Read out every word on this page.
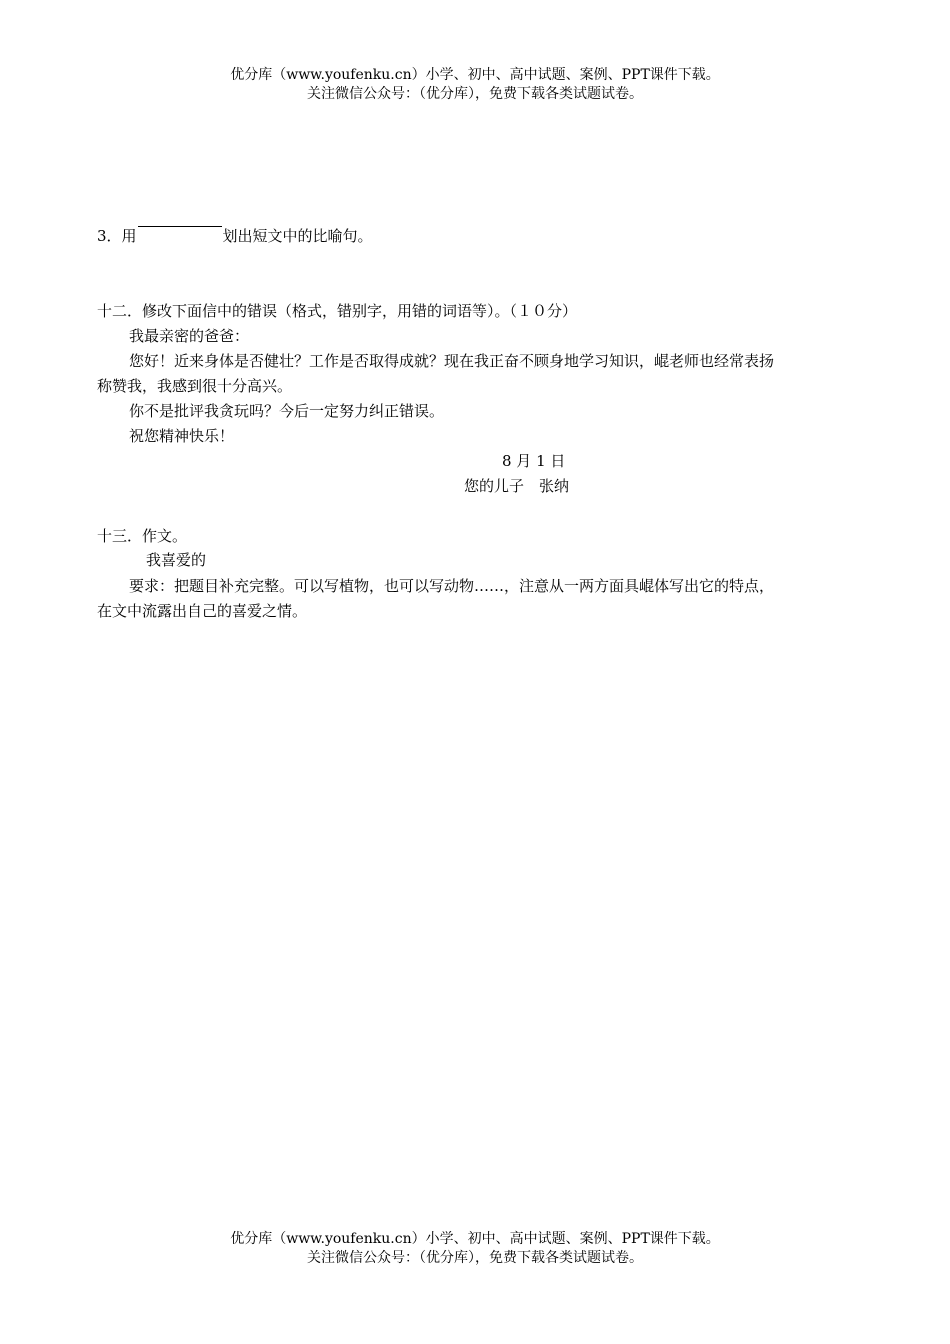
优分库（www.youfenku.cn）小学、初中、高中试题、案例、PPT课件下载。
关注微信公众号：（优分库），免费下载各类试题试卷。
3．用	划出短文中的比喻句。
十二．修改下面信中的错误（格式，错别字，用错的词语等）。（１０分）
我最亲密的爸爸：
您好！近来身体是否健壮？工作是否取得成就？现在我正奋不顾身地学习知识，崐老师也经常表扬
称赞我，我感到很十分高兴。
你不是批评我贪玩吗？今后一定努力纠正错误。
祝您精神快乐！
8 月 1 日
您的儿子　张纳
十三．作文。
我喜爱的
要求：把题目补充完整。可以写植物，也可以写动物……，注意从一两方面具崐体写出它的特点，
在文中流露出自己的喜爱之情。
优分库（www.youfenku.cn）小学、初中、高中试题、案例、PPT课件下载。
关注微信公众号：（优分库），免费下载各类试题试卷。
